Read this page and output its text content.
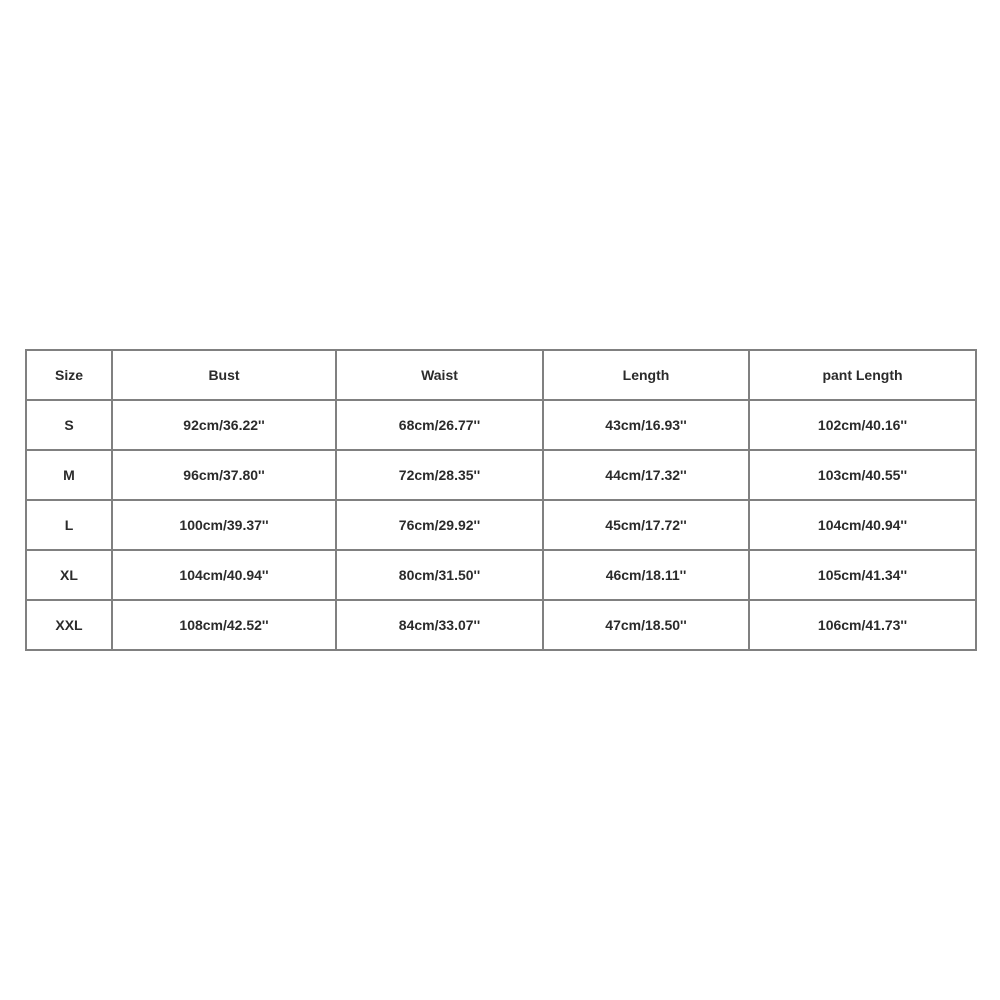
Size	Bust	Waist	Length	pant Length
S	92cm/36.22''	68cm/26.77''	43cm/16.93''	102cm/40.16''
M	96cm/37.80''	72cm/28.35''	44cm/17.32''	103cm/40.55''
L	100cm/39.37''	76cm/29.92''	45cm/17.72''	104cm/40.94''
XL	104cm/40.94''	80cm/31.50''	46cm/18.11''	105cm/41.34''
XXL	108cm/42.52''	84cm/33.07''	47cm/18.50''	106cm/41.73''
